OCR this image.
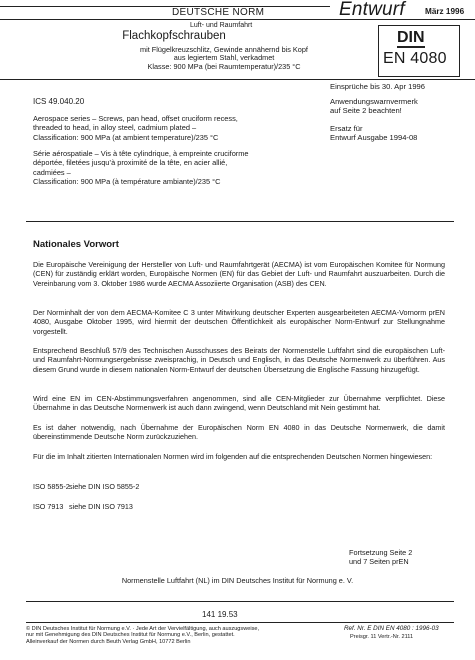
DEUTSCHE NORM	Entwurf März 1996
Luft- und Raumfahrt
Flachkopfschrauben
mit Flügelkreuzschlitz, Gewinde annähernd bis Kopf
aus legiertem Stahl, verkadmet
Klasse: 900 MPa (bei Raumtemperatur)/235 °C
DIN
EN 4080
Einsprüche bis 30. Apr 1996
Anwendungswarnvermerk
auf Seite 2 beachten!
Ersatz für
Entwurf Ausgabe 1994-08
ICS 49.040.20
Aerospace series – Screws, pan head, offset cruciform recess,
threaded to head, in alloy steel, cadmium plated –
Classification: 900 MPa (at ambient temperature)/235 °C
Série aérospatiale – Vis à tête cylindrique, à empreinte cruciforme
déportée, filetées jusqu’à proximité de la tête, en acier allié,
cadmiées –
Classification: 900 MPa (à température ambiante)/235 °C
Nationales Vorwort
Die Europäische Vereinigung der Hersteller von Luft- und Raumfahrtgerät (AECMA) ist vom Europäischen Komitee für Normung (CEN) für zuständig erklärt worden, Europäische Normen (EN) für das Gebiet der Luft- und Raumfahrt auszuarbeiten. Durch die Vereinbarung vom 3. Oktober 1986 wurde AECMA Assoziierte Organisation (ASB) des CEN.
Der Norminhalt der von dem AECMA-Komitee C 3 unter Mitwirkung deutscher Experten ausgearbeiteten AECMA-Vornorm prEN 4080, Ausgabe Oktober 1995, wird hiermit der deutschen Öffentlichkeit als europäischer Norm-Entwurf zur Stellungnahme vorgestellt.
Entsprechend Beschluß 57/9 des Technischen Ausschusses des Beirats der Normenstelle Luftfahrt sind die europäischen Luft- und Raumfahrt-Normungsergebnisse zweisprachig, in Deutsch und Englisch, in das Deutsche Normenwerk zu überführen. Aus diesem Grund wurde in diesem nationalen Norm-Entwurf der deutschen Übersetzung die Englische Fassung hinzugefügt.
Wird eine EN im CEN-Abstimmungsverfahren angenommen, sind alle CEN-Mitglieder zur Übernahme verpflichtet. Diese Übernahme in das Deutsche Normenwerk ist auch dann zwingend, wenn Deutschland mit Nein gestimmt hat.
Es ist daher notwendig, nach Übernahme der Europäischen Norm EN 4080 in das Deutsche Normenwerk, die damit übereinstimmende Deutsche Norm zurückzuziehen.
Für die im Inhalt zitierten Internationalen Normen wird im folgenden auf die entsprechenden Deutschen Normen hingewiesen:
ISO 5855-2 siehe DIN ISO 5855-2
ISO 7913 siehe DIN ISO 7913
Fortsetzung Seite 2
und 7 Seiten prEN
Normenstelle Luftfahrt (NL) im DIN Deutsches Institut für Normung e. V.
141 19.53
© DIN Deutsches Institut für Normung e.V. · Jede Art der Vervielfältigung, auch auszugsweise,
nur mit Genehmigung des DIN Deutsches Institut für Normung e.V., Berlin, gestattet.
Alleinverkauf der Normen durch Beuth Verlag GmbH, 10772 Berlin
Ref. Nr. E DIN EN 4080 : 1996-03
Preisgr. 11 Vertr.-Nr. 2111
